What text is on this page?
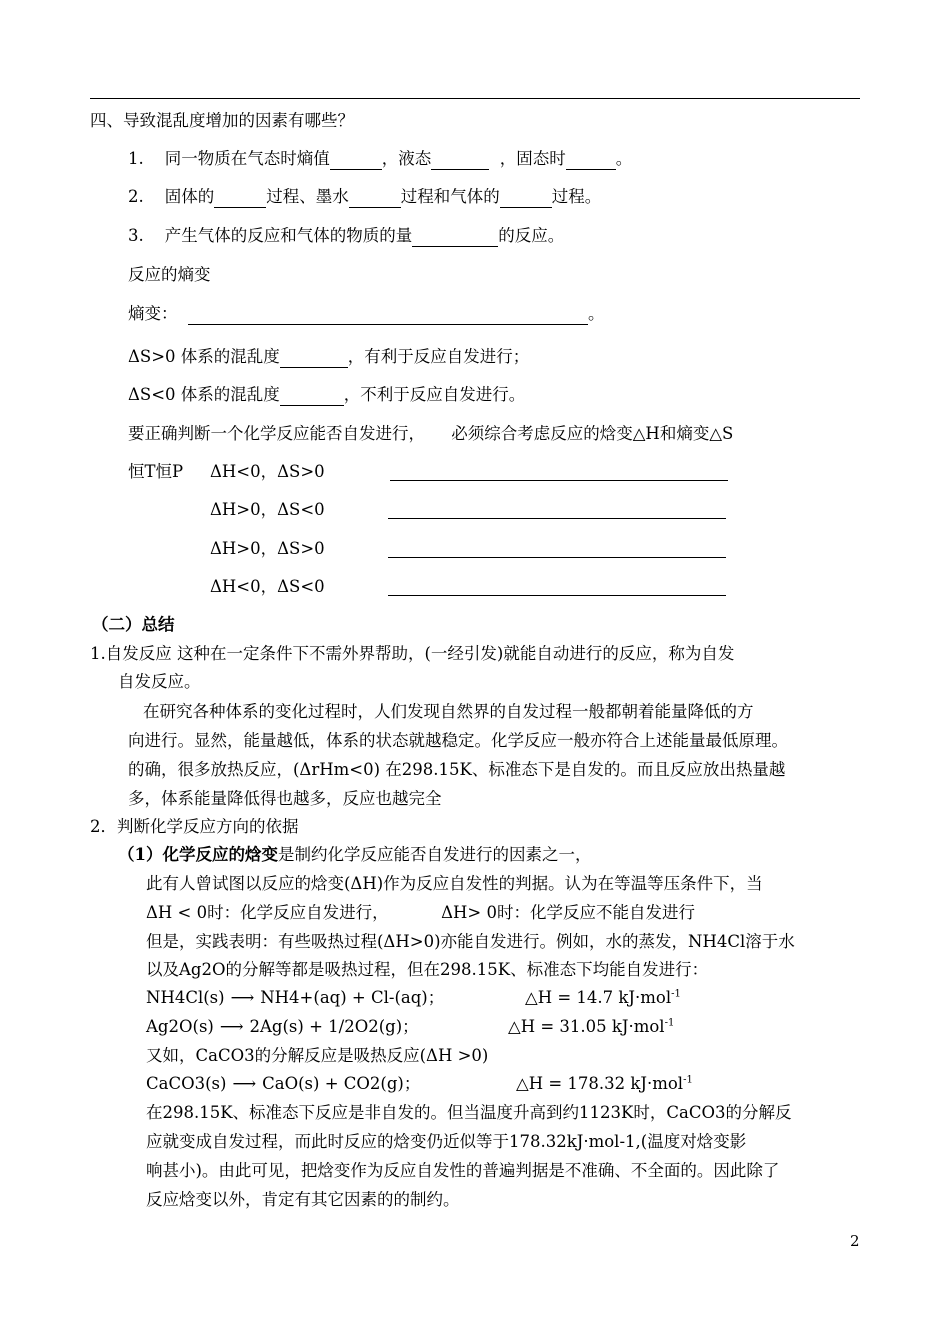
四、导致混乱度增加的因素有哪些？
1. 同一物质在气态时熵值	，液态	，固态时	。
2. 固体的	过程、墨水	过程和气体的	过程。
3. 产生气体的反应和气体的物质的量	的反应。
反应的熵变
熵变：	。
ΔS>0 体系的混乱度	，有利于反应自发进行；
ΔS<0 体系的混乱度	，不利于反应自发进行。
要正确判断一个化学反应能否自发进行， 必须综合考虑反应的焓变△H和熵变△S
恒T恒P ΔH<0，ΔS>0
ΔH>0，ΔS<0
ΔH>0，ΔS>0
ΔH<0，ΔS<0
（二）总结
1.自发反应 这种在一定条件下不需外界帮助，(一经引发)就能自动进行的反应，称为自发
自发反应。
在研究各种体系的变化过程时，人们发现自然界的自发过程一般都朝着能量降低的方
向进行。显然，能量越低，体系的状态就越稳定。化学反应一般亦符合上述能量最低原理。
的确，很多放热反应，(ΔrHm<0) 在298.15K、标准态下是自发的。而且反应放出热量越
多，体系能量降低得也越多，反应也越完全
2．判断化学反应方向的依据
（1）化学反应的焓变是制约化学反应能否自发进行的因素之一，
此有人曾试图以反应的焓变(ΔH)作为反应自发性的判据。认为在等温等压条件下，当
ΔH < 0时：化学反应自发进行，	ΔH> 0时：化学反应不能自发进行
但是，实践表明：有些吸热过程(ΔH>0)亦能自发进行。例如，水的蒸发，NH4Cl溶于水
以及Ag2O的分解等都是吸热过程，但在298.15K、标准态下均能自发进行：
NH4Cl(s) ⟶ NH4+(aq) + Cl-(aq)；	△H = 14.7 kJ·mol$^{-1}$
Ag2O(s) ⟶ 2Ag(s) + 1/2O2(g)；	△H = 31.05 kJ·mol$^{-1}$
又如，CaCO3的分解反应是吸热反应(ΔH >0)
CaCO3(s) ⟶ CaO(s) + CO2(g)；	△H = 178.32 kJ·mol$^{-1}$
在298.15K、标准态下反应是非自发的。但当温度升高到约1123K时，CaCO3的分解反
应就变成自发过程，而此时反应的焓变仍近似等于178.32kJ·mol-1,(温度对焓变影
响甚小)。由此可见，把焓变作为反应自发性的普遍判据是不准确、不全面的。因此除了
反应焓变以外，肯定有其它因素的的制约。
2
